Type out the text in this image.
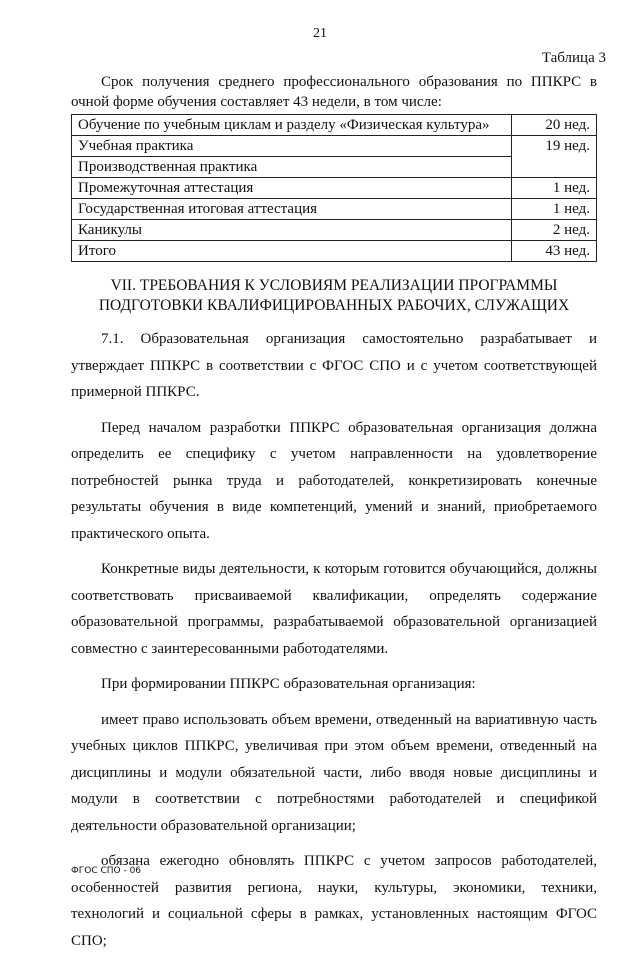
21
Таблица 3
Срок получения среднего профессионального образования по ППКРС в очной форме обучения составляет 43 недели, в том числе:
Обучение по учебным циклам и разделу «Физическая культура»	20 нед.
Учебная практика	19 нед.
Производственная практика	
Промежуточная аттестация	1 нед.
Государственная итоговая аттестация	1 нед.
Каникулы	2 нед.
Итого	43 нед.
VII. ТРЕБОВАНИЯ К УСЛОВИЯМ РЕАЛИЗАЦИИ ПРОГРАММЫ
ПОДГОТОВКИ КВАЛИФИЦИРОВАННЫХ РАБОЧИХ, СЛУЖАЩИХ

7.1. Образовательная организация самостоятельно разрабатывает и утверждает ППКРС в соответствии с ФГОС СПО и с учетом соответствующей примерной ППКРС.

Перед началом разработки ППКРС образовательная организация должна определить ее специфику с учетом направленности на удовлетворение потребностей рынка труда и работодателей, конкретизировать конечные результаты обучения в виде компетенций, умений и знаний, приобретаемого практического опыта.

Конкретные виды деятельности, к которым готовится обучающийся, должны соответствовать присваиваемой квалификации, определять содержание образовательной программы, разрабатываемой образовательной организацией совместно с заинтересованными работодателями.

При формировании ППКРС образовательная организация:

имеет право использовать объем времени, отведенный на вариативную часть учебных циклов ППКРС, увеличивая при этом объем времени, отведенный на дисциплины и модули обязательной части, либо вводя новые дисциплины и модули в соответствии с потребностями работодателей и спецификой деятельности образовательной организации;

обязана ежегодно обновлять ППКРС с учетом запросов работодателей, особенностей развития региона, науки, культуры, экономики, техники, технологий и социальной сферы в рамках, установленных настоящим ФГОС СПО;

ФГОС СПО - 06
